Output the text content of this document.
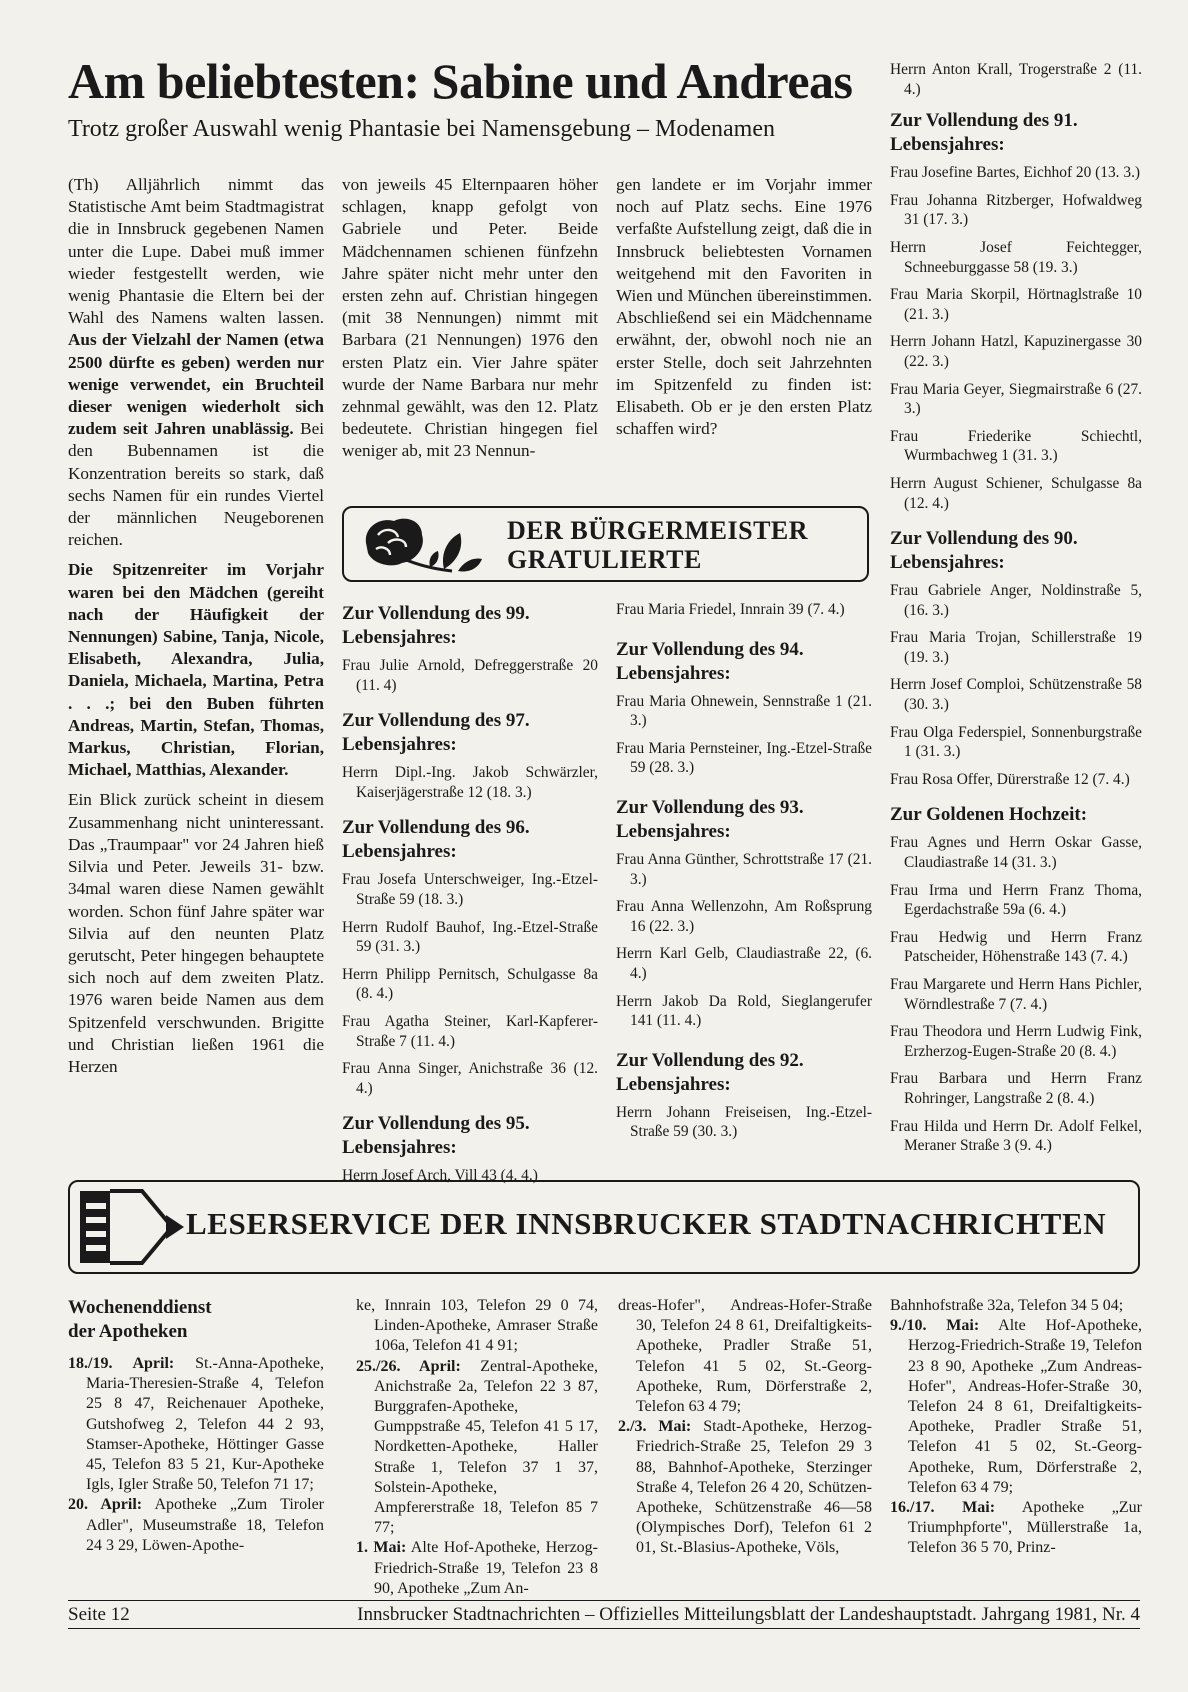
Am beliebtesten: Sabine und Andreas
Trotz großer Auswahl wenig Phantasie bei Namensgebung – Modenamen

(Th) Alljährlich nimmt das Statistische Amt beim Stadtmagistrat die in Innsbruck gegebenen Namen unter die Lupe. Dabei muß immer wieder festgestellt werden, wie wenig Phantasie die Eltern bei der Wahl des Namens walten lassen. Aus der Vielzahl der Namen (etwa 2500 dürfte es geben) werden nur wenige verwendet, ein Bruchteil dieser wenigen wiederholt sich zudem seit Jahren unablässig. Bei den Bubennamen ist die Konzentration bereits so stark, daß sechs Namen für ein rundes Viertel der männlichen Neugeborenen reichen.

Die Spitzenreiter im Vorjahr waren bei den Mädchen (gereiht nach der Häufigkeit der Nennungen) Sabine, Tanja, Nicole, Elisabeth, Alexandra, Julia, Daniela, Michaela, Martina, Petra . . .; bei den Buben führten Andreas, Martin, Stefan, Thomas, Markus, Christian, Florian, Michael, Matthias, Alexander.

Ein Blick zurück scheint in diesem Zusammenhang nicht uninteressant. Das „Traumpaar" vor 24 Jahren hieß Silvia und Peter. Jeweils 31- bzw. 34mal waren diese Namen gewählt worden. Schon fünf Jahre später war Silvia auf den neunten Platz gerutscht, Peter hingegen behauptete sich noch auf dem zweiten Platz. 1976 waren beide Namen aus dem Spitzenfeld verschwunden. Brigitte und Christian ließen 1961 die Herzen

von jeweils 45 Elternpaaren höher schlagen, knapp gefolgt von Gabriele und Peter. Beide Mädchennamen schienen fünfzehn Jahre später nicht mehr unter den ersten zehn auf. Christian hingegen (mit 38 Nennungen) nimmt mit Barbara (21 Nennungen) 1976 den ersten Platz ein. Vier Jahre später wurde der Name Barbara nur mehr zehnmal gewählt, was den 12. Platz bedeutete. Christian hingegen fiel weniger ab, mit 23 Nennun-

gen landete er im Vorjahr immer noch auf Platz sechs. Eine 1976 verfaßte Aufstellung zeigt, daß die in Innsbruck beliebtesten Vornamen weitgehend mit den Favoriten in Wien und München übereinstimmen. Abschließend sei ein Mädchenname erwähnt, der, obwohl noch nie an erster Stelle, doch seit Jahrzehnten im Spitzenfeld zu finden ist: Elisabeth. Ob er je den ersten Platz schaffen wird?

DER BÜRGERMEISTER
GRATULIERTE
Zur Vollendung des 99. Lebensjahres:

Frau Julie Arnold, Defreggerstraße 20 (11. 4)

Zur Vollendung des 97. Lebensjahres:

Herrn Dipl.-Ing. Jakob Schwärzler, Kaiserjägerstraße 12 (18. 3.)

Zur Vollendung des 96. Lebensjahres:

Frau Josefa Unterschweiger, Ing.-Etzel-Straße 59 (18. 3.)

Herrn Rudolf Bauhof, Ing.-Etzel-Straße 59 (31. 3.)

Herrn Philipp Pernitsch, Schulgasse 8a (8. 4.)

Frau Agatha Steiner, Karl-Kapferer-Straße 7 (11. 4.)

Frau Anna Singer, Anichstraße 36 (12. 4.)

Zur Vollendung des 95. Lebensjahres:

Herrn Josef Arch, Vill 43 (4. 4.)

Frau Maria Friedel, Innrain 39 (7. 4.)

Zur Vollendung des 94. Lebensjahres:

Frau Maria Ohnewein, Sennstraße 1 (21. 3.)

Frau Maria Pernsteiner, Ing.-Etzel-Straße 59 (28. 3.)

Zur Vollendung des 93. Lebensjahres:

Frau Anna Günther, Schrottstraße 17 (21. 3.)

Frau Anna Wellenzohn, Am Roßsprung 16 (22. 3.)

Herrn Karl Gelb, Claudiastraße 22, (6. 4.)

Herrn Jakob Da Rold, Sieglangerufer 141 (11. 4.)

Zur Vollendung des 92. Lebensjahres:

Herrn Johann Freiseisen, Ing.-Etzel-Straße 59 (30. 3.)

Herrn Anton Krall, Trogerstraße 2 (11. 4.)

Zur Vollendung des 91. Lebensjahres:

Frau Josefine Bartes, Eichhof 20 (13. 3.)

Frau Johanna Ritzberger, Hofwaldweg 31 (17. 3.)

Herrn Josef Feichtegger, Schneeburggasse 58 (19. 3.)

Frau Maria Skorpil, Hörtnaglstraße 10 (21. 3.)

Herrn Johann Hatzl, Kapuzinergasse 30 (22. 3.)

Frau Maria Geyer, Siegmairstraße 6 (27. 3.)

Frau Friederike Schiechtl, Wurmbachweg 1 (31. 3.)

Herrn August Schiener, Schulgasse 8a (12. 4.)

Zur Vollendung des 90. Lebensjahres:

Frau Gabriele Anger, Noldinstraße 5, (16. 3.)

Frau Maria Trojan, Schillerstraße 19 (19. 3.)

Herrn Josef Comploi, Schützenstraße 58 (30. 3.)

Frau Olga Federspiel, Sonnenburgstraße 1 (31. 3.)

Frau Rosa Offer, Dürerstraße 12 (7. 4.)

Zur Goldenen Hochzeit:

Frau Agnes und Herrn Oskar Gasse, Claudiastraße 14 (31. 3.)

Frau Irma und Herrn Franz Thoma, Egerdachstraße 59a (6. 4.)

Frau Hedwig und Herrn Franz Patscheider, Höhenstraße 143 (7. 4.)

Frau Margarete und Herrn Hans Pichler, Wörndlestraße 7 (7. 4.)

Frau Theodora und Herrn Ludwig Fink, Erzherzog-Eugen-Straße 20 (8. 4.)

Frau Barbara und Herrn Franz Rohringer, Langstraße 2 (8. 4.)

Frau Hilda und Herrn Dr. Adolf Felkel, Meraner Straße 3 (9. 4.)

LESERSERVICE DER INNSBRUCKER STADTNACHRICHTEN
Wochenenddienst
der Apotheken

18./19. April: St.-Anna-Apotheke, Maria-Theresien-Straße 4, Telefon 25 8 47, Reichenauer Apotheke, Gutshofweg 2, Telefon 44 2 93, Stamser-Apotheke, Höttinger Gasse 45, Telefon 83 5 21, Kur-Apotheke Igls, Igler Straße 50, Telefon 71 17;

20. April: Apotheke „Zum Tiroler Adler", Museumstraße 18, Telefon 24 3 29, Löwen-Apothe-

ke, Innrain 103, Telefon 29 0 74, Linden-Apotheke, Amraser Straße 106a, Telefon 41 4 91;

25./26. April: Zentral-Apotheke, Anichstraße 2a, Telefon 22 3 87, Burggrafen-Apotheke, Gumppstraße 45, Telefon 41 5 17, Nordketten-Apotheke, Haller Straße 1, Telefon 37 1 37, Solstein-Apotheke, Ampfererstraße 18, Telefon 85 7 77;

1. Mai: Alte Hof-Apotheke, Herzog-Friedrich-Straße 19, Telefon 23 8 90, Apotheke „Zum An-

dreas-Hofer", Andreas-Hofer-Straße 30, Telefon 24 8 61, Dreifaltigkeits-Apotheke, Pradler Straße 51, Telefon 41 5 02, St.-Georg-Apotheke, Rum, Dörferstraße 2, Telefon 63 4 79;

2./3. Mai: Stadt-Apotheke, Herzog-Friedrich-Straße 25, Telefon 29 3 88, Bahnhof-Apotheke, Sterzinger Straße 4, Telefon 26 4 20, Schützen-Apotheke, Schützenstraße 46—58 (Olympisches Dorf), Telefon 61 2 01, St.-Blasius-Apotheke, Völs,

Bahnhofstraße 32a, Telefon 34 5 04;

9./10. Mai: Alte Hof-Apotheke, Herzog-Friedrich-Straße 19, Telefon 23 8 90, Apotheke „Zum Andreas-Hofer", Andreas-Hofer-Straße 30, Telefon 24 8 61, Dreifaltigkeits-Apotheke, Pradler Straße 51, Telefon 41 5 02, St.-Georg-Apotheke, Rum, Dörferstraße 2, Telefon 63 4 79;

16./17. Mai: Apotheke „Zur Triumphpforte", Müllerstraße 1a, Telefon 36 5 70, Prinz-

Seite 12	Innsbrucker Stadtnachrichten – Offizielles Mitteilungsblatt der Landeshauptstadt. Jahrgang 1981, Nr. 4
